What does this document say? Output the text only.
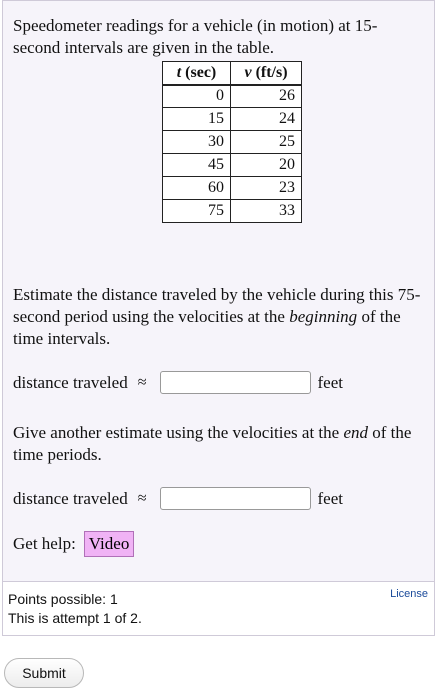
Speedometer readings for a vehicle (in motion) at 15-second intervals are given in the table.
t (sec)	v (ft/s)
0	26
15	24
30	25
45	20
60	23
75	33
Estimate the distance traveled by the vehicle during this 75-second period using the velocities at the beginning of the time intervals.
distance traveled ≈	feet
Give another estimate using the velocities at the end of the time periods.
distance traveled ≈	feet
Get help: Video
Points possible: 1
This is attempt 1 of 2.
License
Submit
